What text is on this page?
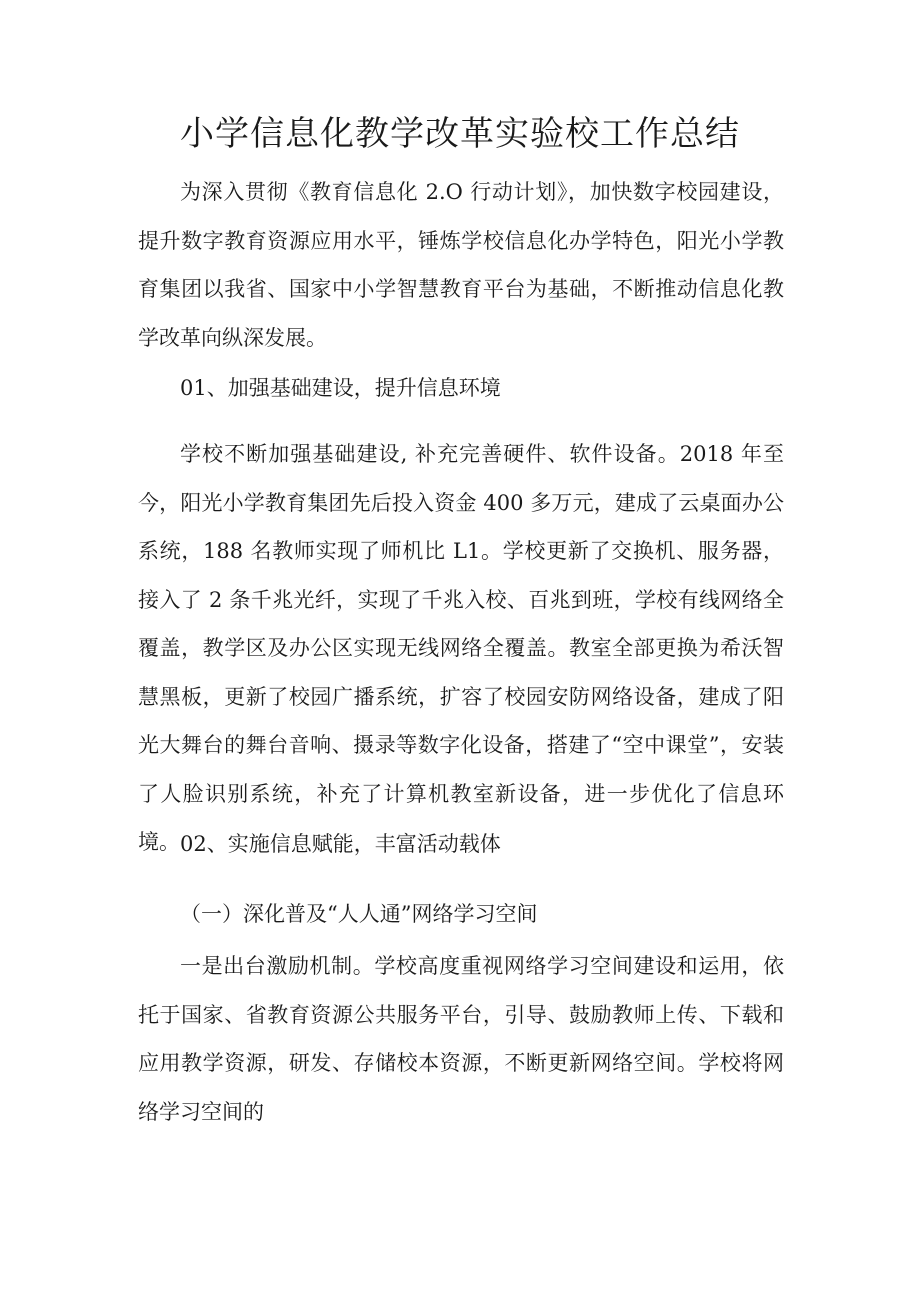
小学信息化教学改革实验校工作总结

为深入贯彻《教育信息化 2.O 行动计划》，加快数字校园建设，提升数字教育资源应用水平，锤炼学校信息化办学特色，阳光小学教育集团以我省、国家中小学智慧教育平台为基础，不断推动信息化教学改革向纵深发展。

01、加强基础建设，提升信息环境

学校不断加强基础建设, 补充完善硬件、软件设备。2018 年至今，阳光小学教育集团先后投入资金 400 多万元，建成了云桌面办公系统，188 名教师实现了师机比 L1。学校更新了交换机、服务器，接入了 2 条千兆光纤，实现了千兆入校、百兆到班，学校有线网络全覆盖，教学区及办公区实现无线网络全覆盖。教室全部更换为希沃智慧黑板，更新了校园广播系统，扩容了校园安防网络设备，建成了阳光大舞台的舞台音响、摄录等数字化设备，搭建了“空中课堂”，安装了人脸识别系统，补充了计算机教室新设备，进一步优化了信息环境。 02、实施信息赋能，丰富活动载体

（一）深化普及“人人通”网络学习空间

一是出台激励机制。学校高度重视网络学习空间建设和运用，依托于国家、省教育资源公共服务平台，引导、鼓励教师上传、下载和应用教学资源，研发、存储校本资源，不断更新网络空间。学校将网络学习空间的
